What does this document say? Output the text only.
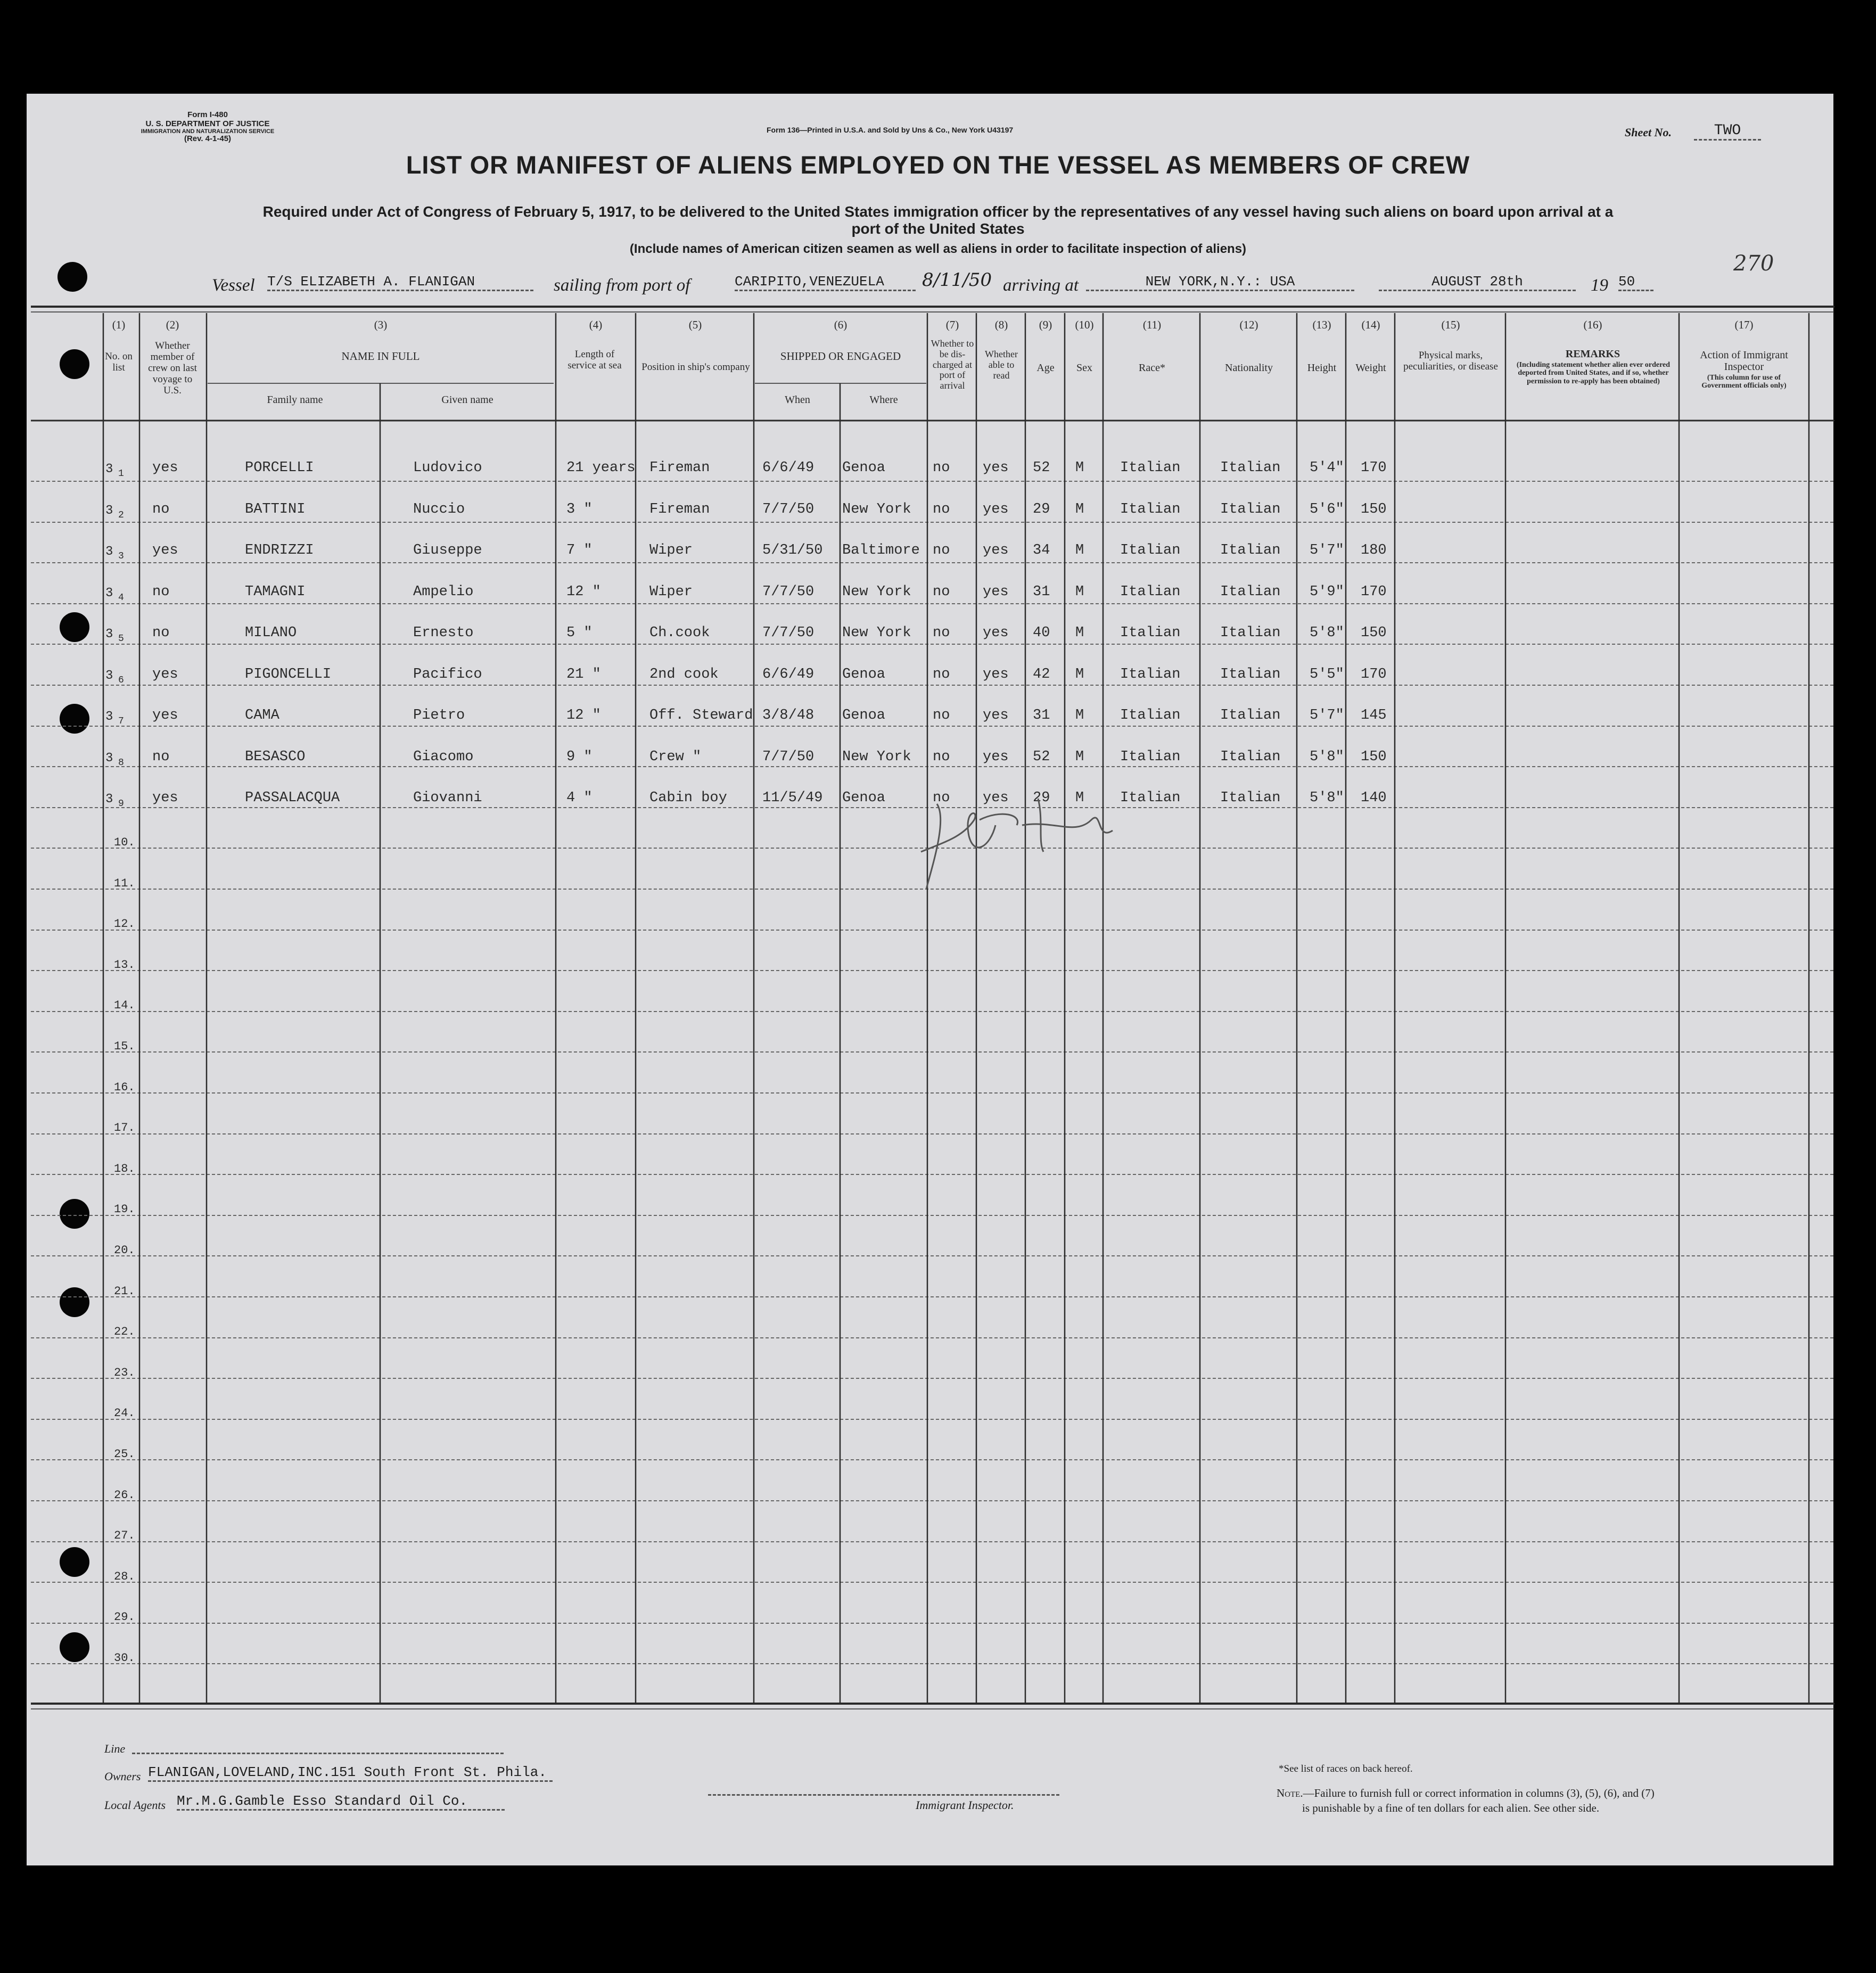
Form I-480
U. S. DEPARTMENT OF JUSTICE
IMMIGRATION AND NATURALIZATION SERVICE
(Rev. 4-1-45)
Form 136—Printed in U.S.A. and Sold by Uns & Co., New York U43197	Sheet No.	TWO
270
LIST OR MANIFEST OF ALIENS EMPLOYED ON THE VESSEL AS MEMBERS OF CREW
Required under Act of Congress of February 5, 1917, to be delivered to the United States immigration officer by the representatives of any vessel having such aliens on board upon arrival at a
port of the United States
(Include names of American citizen seamen as well as aliens in order to facilitate inspection of aliens)
Vessel T/S ELIZABETH A. FLANIGAN	sailing from port of	CARIPITO,VENEZUELA	8/11/50 arriving at	NEW YORK,N.Y.: USA	AUGUST 28th	19 50
(1)	(2)	(3)	(4)	(5)	(6)	(7)	(8)	(9)	(10)	(11)	(12)	(13)	(14)	(15)	(16)	(17)
No. on list
Whether member of crew on last voyage to U.S.
NAME IN FULL
Family name	Given name
Length of service at sea Position in ship's company
SHIPPED OR ENGAGED
When	Where
Whether to be dis-charged at port of arrival
Whether able to read
Age	Sex	Race*	Nationality	Height	Weight
Physical marks, peculiarities, or disease
REMARKS
(Including statement whether alien ever ordered deported from United States, and if so, whether permission to re-apply has been obtained)
Action of Immigrant Inspector
(This column for use of Government officials only)
3 1 yes	PORCELLI	Ludovico	21 years Fireman	6/6/49 Genoa	no yes 52 M	Italian	Italian 5'4" 170
3 2 no	BATTINI	Nuccio	3 "	Fireman	7/7/50 New York no yes 29 M	Italian	Italian 5'6" 150
3 3 yes	ENDRIZZI	Giuseppe	7 "	Wiper	5/31/50 Baltimore no yes 34 M	Italian	Italian 5'7" 180
3 4 no	TAMAGNI	Ampelio	12 "	Wiper	7/7/50 New York no yes 31 M	Italian	Italian 5'9" 170
3 5 no	MILANO	Ernesto	5 "	Ch.cook	7/7/50 New York no yes 40 M	Italian	Italian 5'8" 150
3 6 yes	PIGONCELLI	Pacifico	21 "	2nd cook	6/6/49 Genoa	no yes 42 M	Italian	Italian 5'5" 170
3 7 yes	CAMA	Pietro	12 "	Off. Steward 3/8/48 Genoa	no yes 31 M	Italian	Italian 5'7" 145
3 8 no	BESASCO	Giacomo	9 "	Crew "	7/7/50 New York no yes 52 M	Italian	Italian 5'8" 150
3 9 yes	PASSALACQUA	Giovanni	4 "	Cabin boy 11/5/49 Genoa	no yes 29 M	Italian	Italian 5'8" 140
10.
11.
12.
13.
14.
15.
16.
17.
18.
19.
20.
21.
22.
23.
24.
25.
26.
27.
28.
29.
30.
J B Farrell
Line
Owners FLANIGAN,LOVELAND,INC.151 South Front St. Phila.
Local Agents Mr.M.G.Gamble Esso Standard Oil Co.	Immigrant Inspector.
*See list of races on back hereof.
Note.—Failure to furnish full or correct information in columns (3), (5), (6), and (7)
is punishable by a fine of ten dollars for each alien. See other side.
